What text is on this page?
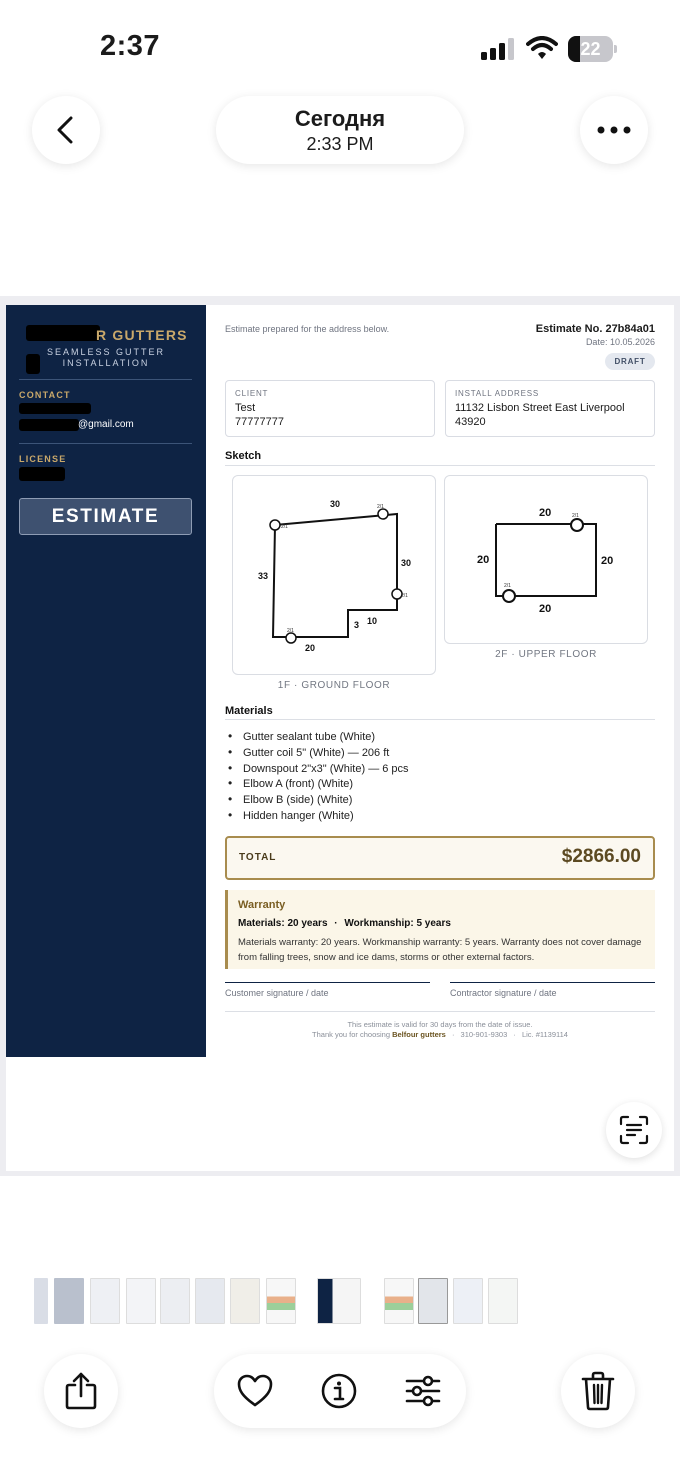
2:37	22
Сегодня
2:33 PM
R GUTTERS
SEAMLESS GUTTER INSTALLATION
CONTACT
@gmail.com
LICENSE
ESTIMATE
Estimate prepared for the address below.	Estimate No. 27b84a01
Date: 10.05.2026
DRAFT
CLIENT
Test
77777777
INSTALL ADDRESS
11132 Lisbon Street East Liverpool
43920
Sketch
2/1
2/1
2/1
2/1
30
30
33
10
3
20
1F · GROUND FLOOR
2/1
2/1
20
20
20
20
2F · UPPER FLOOR
Materials
• Gutter sealant tube (White)
• Gutter coil 5" (White) — 206 ft
• Downspout 2"x3" (White) — 6 pcs
• Elbow A (front) (White)
• Elbow B (side) (White)
• Hidden hanger (White)
TOTAL	$2866.00
Warranty
Materials: 20 years · Workmanship: 5 years
Materials warranty: 20 years. Workmanship warranty: 5 years. Warranty does not cover damage from falling trees, snow and ice dams, storms or other external factors.
Customer signature / date	Contractor signature / date
This estimate is valid for 30 days from the date of issue.
Thank you for choosing Belfour gutters · 310-901-9303 · Lic. #1139114
